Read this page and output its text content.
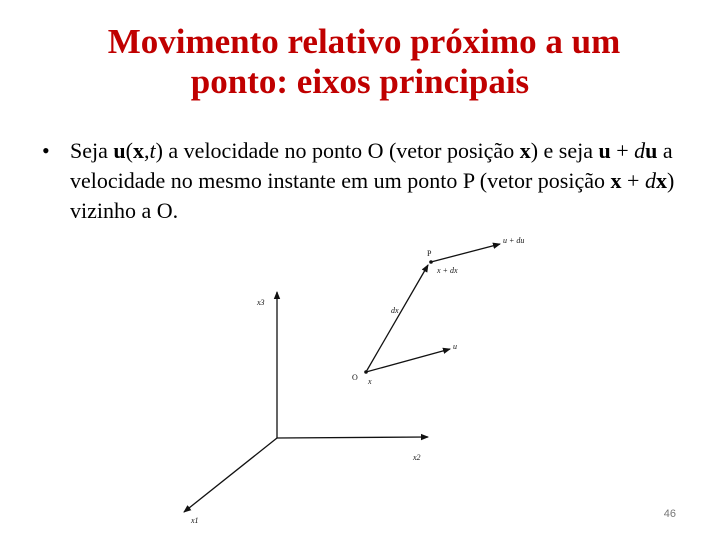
Movimento relativo próximo a um
ponto: eixos principais
• Seja u(x,t) a velocidade no ponto O (vetor posição x) e seja u + du a velocidade no mesmo instante em um ponto P (vetor posição x + dx) vizinho a O.
x3
x2
x1
O x
dx
u
P
x + dx
u + du
46
